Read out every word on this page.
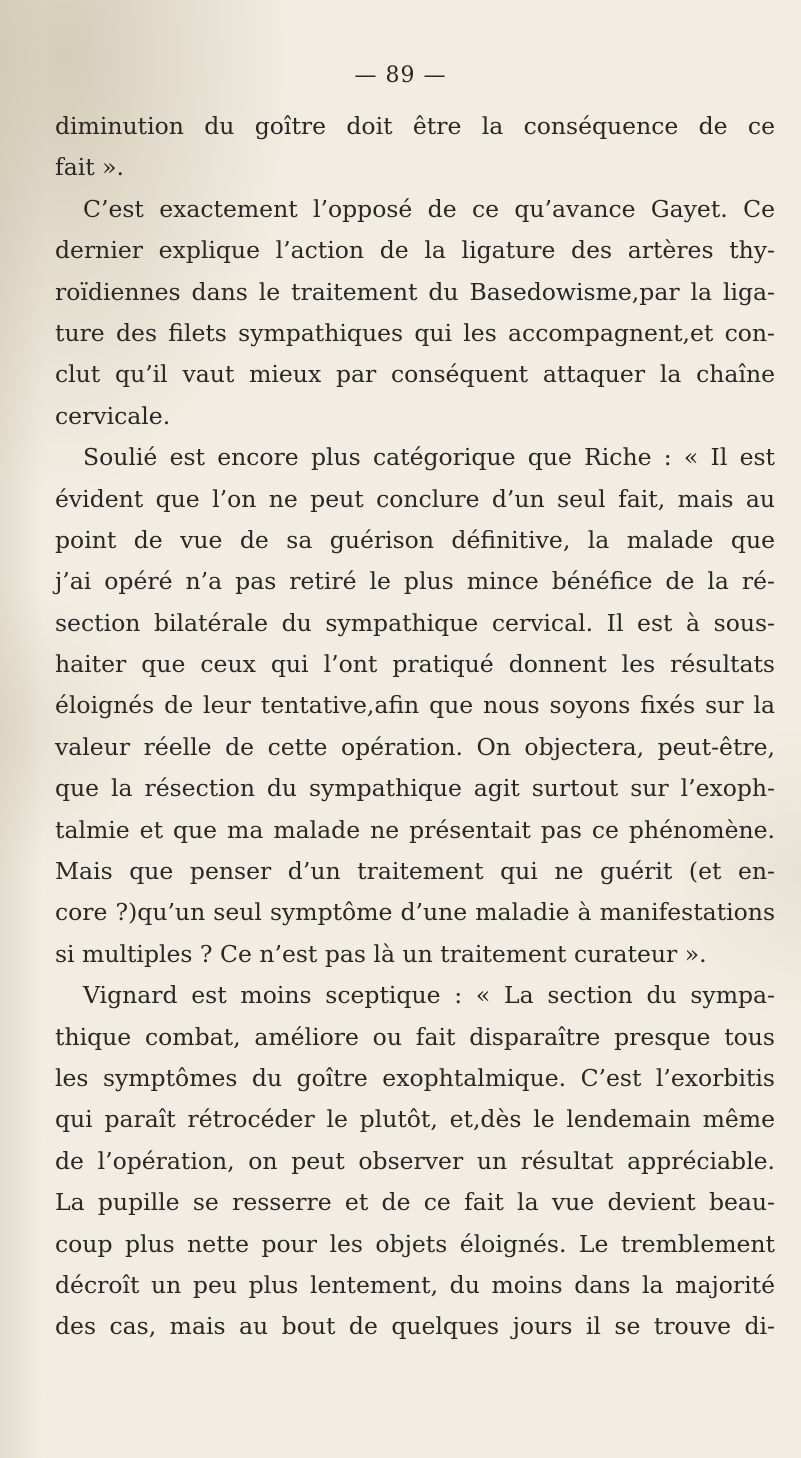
— 89 —
diminution du goître doit être la conséquence de ce
fait ».
C’est exactement l’opposé de ce qu’avance Gayet. Ce
dernier explique l’action de la ligature des artères thy-
roïdiennes dans le traitement du Basedowisme,par la liga-
ture des filets sympathiques qui les accompagnent,et con-
clut qu’il vaut mieux par conséquent attaquer la chaîne
cervicale.
Soulié est encore plus catégorique que Riche : « Il est
évident que l’on ne peut conclure d’un seul fait, mais au
point de vue de sa guérison définitive, la malade que
j’ai opéré n’a pas retiré le plus mince bénéfice de la ré-
section bilatérale du sympathique cervical. Il est à sous-
haiter que ceux qui l’ont pratiqué donnent les résultats
éloignés de leur tentative,afin que nous soyons fixés sur la
valeur réelle de cette opération. On objectera, peut-être,
que la résection du sympathique agit surtout sur l’exoph-
talmie et que ma malade ne présentait pas ce phénomène.
Mais que penser d’un traitement qui ne guérit (et en-
core ?)qu’un seul symptôme d’une maladie à manifestations
si multiples ? Ce n’est pas là un traitement curateur ».
Vignard est moins sceptique : « La section du sympa-
thique combat, améliore ou fait disparaître presque tous
les symptômes du goître exophtalmique. C’est l’exorbitis
qui paraît rétrocéder le plutôt, et,dès le lendemain même
de l’opération, on peut observer un résultat appréciable.
La pupille se resserre et de ce fait la vue devient beau-
coup plus nette pour les objets éloignés. Le tremblement
décroît un peu plus lentement, du moins dans la majorité
des cas, mais au bout de quelques jours il se trouve di-
